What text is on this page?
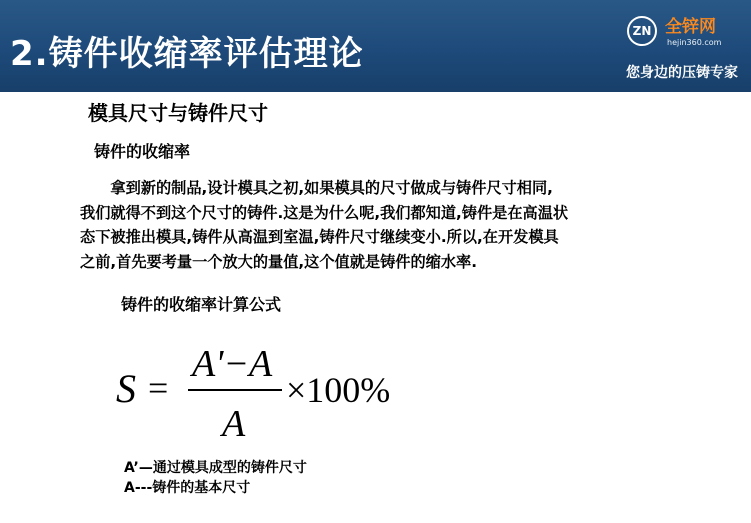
2.铸件收缩率评估理论
ZN 全锌网
hejin360.com
您身边的压铸专家
模具尺寸与铸件尺寸
铸件的收缩率
　　拿到新的制品,设计模具之初,如果模具的尺寸做成与铸件尺寸相同,
我们就得不到这个尺寸的铸件.这是为什么呢,我们都知道,铸件是在高温状
态下被推出模具,铸件从高温到室温,铸件尺寸继续变小.所以,在开发模具
之前,首先要考量一个放大的量值,这个值就是铸件的缩水率.
铸件的收缩率计算公式
S =
A'−A
A
×100%
A’—通过模具成型的铸件尺寸
A---铸件的基本尺寸
